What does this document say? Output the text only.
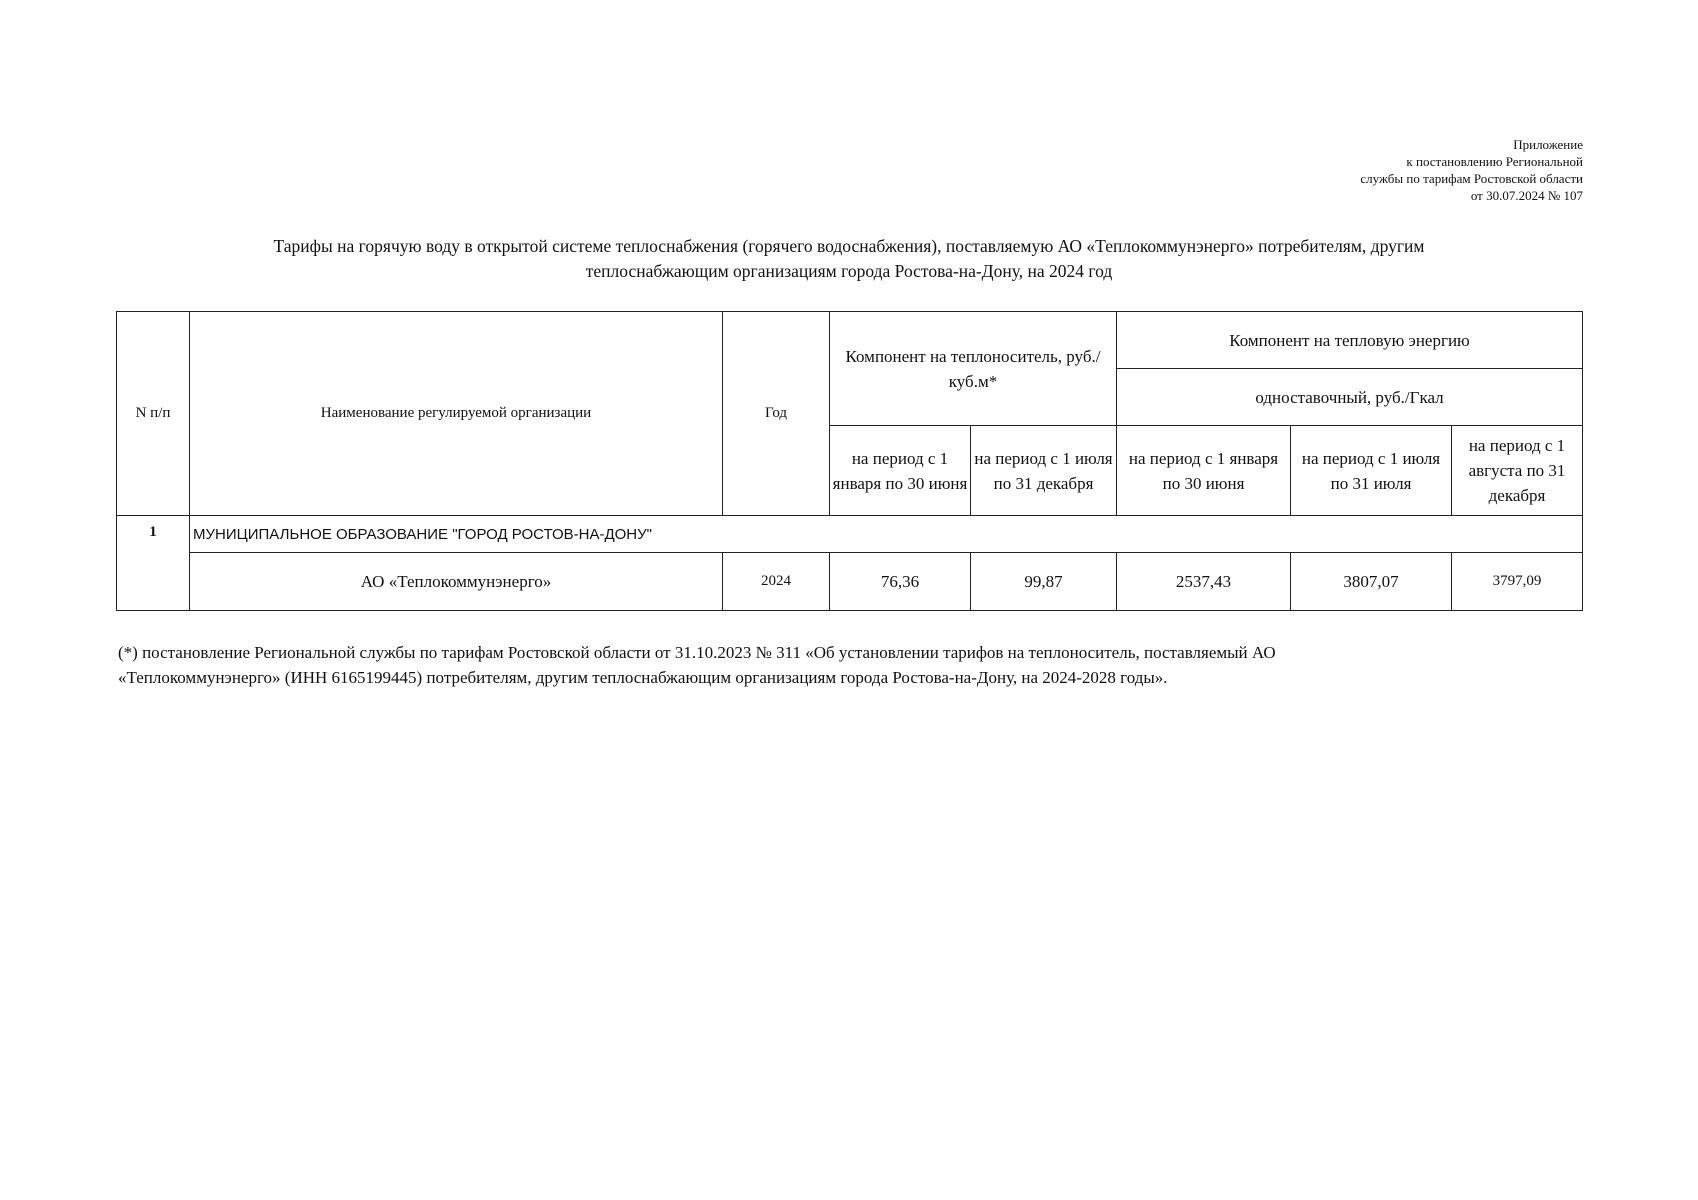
Приложение
к постановлению Региональной
службы по тарифам Ростовской области
от 30.07.2024 № 107
Тарифы на горячую воду в открытой системе теплоснабжения (горячего водоснабжения), поставляемую АО «Теплокоммунэнерго» потребителям, другим
теплоснабжающим организациям города Ростова-на-Дону, на 2024 год
N п/п	Наименование регулируемой организации	Год	Компонент на теплоноситель, руб./куб.м*		Компонент на тепловую энергию		
					одноставочный, руб./Гкал		
			на период с 1 января по 30 июня	на период с 1 июля по 31 декабря	на период с 1 января по 30 июня	на период с 1 июля по 31 июля	на период с 1 августа по 31 декабря
1	МУНИЦИПАЛЬНОЕ ОБРАЗОВАНИЕ "ГОРОД РОСТОВ-НА-ДОНУ"						
	АО «Теплокоммунэнерго»	2024	76,36	99,87	2537,43	3807,07	3797,09
(*) постановление Региональной службы по тарифам Ростовской области от 31.10.2023 № 311 «Об установлении тарифов на теплоноситель, поставляемый АО
«Теплокоммунэнерго» (ИНН 6165199445) потребителям, другим теплоснабжающим организациям города Ростова-на-Дону, на 2024-2028 годы».
